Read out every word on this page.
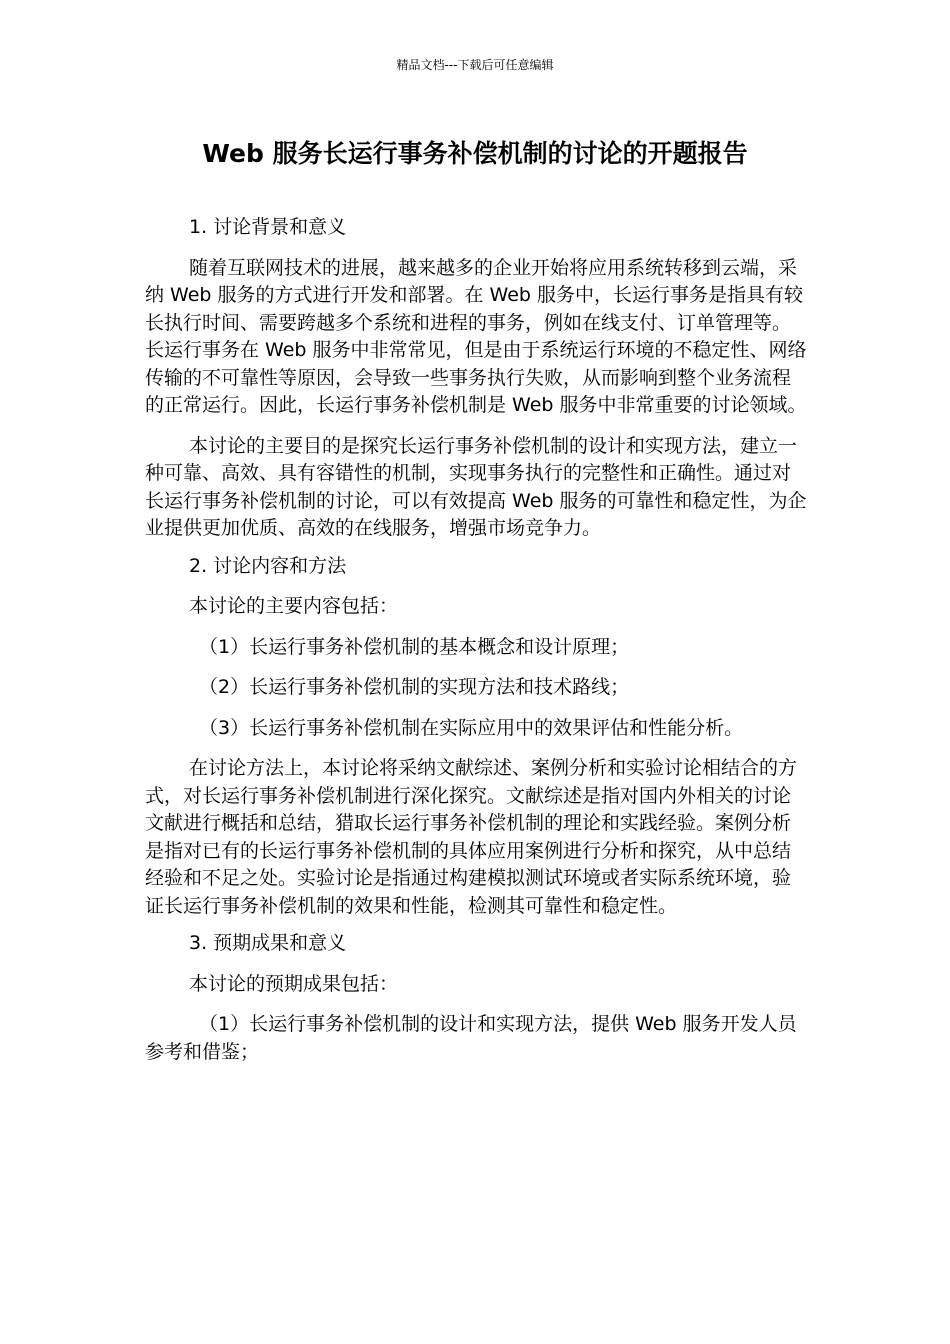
精品文档---下载后可任意编辑
Web 服务长运行事务补偿机制的讨论的开题报告

1. 讨论背景和意义

随着互联网技术的进展，越来越多的企业开始将应用系统转移到云端，采纳 Web 服务的方式进行开发和部署。在 Web 服务中，长运行事务是指具有较长执行时间、需要跨越多个系统和进程的事务，例如在线支付、订单管理等。长运行事务在 Web 服务中非常常见，但是由于系统运行环境的不稳定性、网络传输的不可靠性等原因，会导致一些事务执行失败，从而影响到整个业务流程的正常运行。因此，长运行事务补偿机制是 Web 服务中非常重要的讨论领域。

本讨论的主要目的是探究长运行事务补偿机制的设计和实现方法，建立一种可靠、高效、具有容错性的机制，实现事务执行的完整性和正确性。通过对长运行事务补偿机制的讨论，可以有效提高 Web 服务的可靠性和稳定性，为企业提供更加优质、高效的在线服务，增强市场竞争力。

2. 讨论内容和方法

本讨论的主要内容包括：

（1）长运行事务补偿机制的基本概念和设计原理；

（2）长运行事务补偿机制的实现方法和技术路线；

（3）长运行事务补偿机制在实际应用中的效果评估和性能分析。

在讨论方法上，本讨论将采纳文献综述、案例分析和实验讨论相结合的方式，对长运行事务补偿机制进行深化探究。文献综述是指对国内外相关的讨论文献进行概括和总结，猎取长运行事务补偿机制的理论和实践经验。案例分析是指对已有的长运行事务补偿机制的具体应用案例进行分析和探究，从中总结经验和不足之处。实验讨论是指通过构建模拟测试环境或者实际系统环境，验证长运行事务补偿机制的效果和性能，检测其可靠性和稳定性。

3. 预期成果和意义

本讨论的预期成果包括：

（1）长运行事务补偿机制的设计和实现方法，提供 Web 服务开发人员参考和借鉴；
